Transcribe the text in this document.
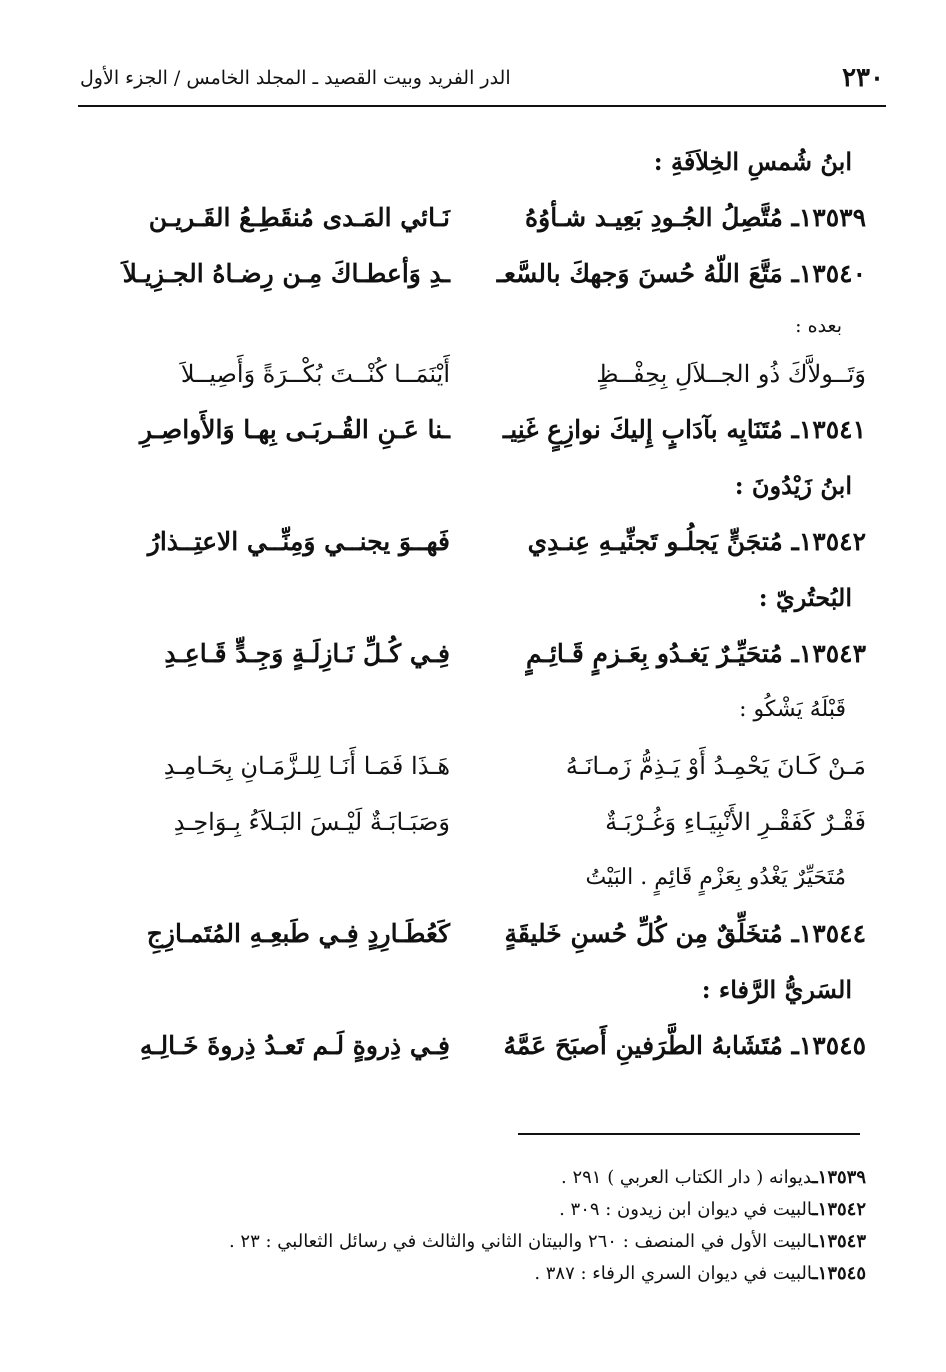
الدر الفريد وبيت القصيد ـ المجلد الخامس / الجزء الأول	٢٣٠
ابنُ شُمسِ الخِلاَفَةِ :
١٣٥٣٩ـ مُتَّصِلُ الجُـودِ بَعِيـد شـأوُهُ
نَـائي المَـدى مُنقَطِـعُ القَـريـن
١٣٥٤٠ـ مَتَّعَ اللّهُ حُسنَ وَجهكَ بالسَّعـ
ـدِ وَأعطـاكَ مِـن رِضـاهُ الجـزِيـلاَ
بعده :
وَتَــولاَّكَ ذُو الجــلاَلِ بِحِفْــظٍ
أَيْنَمَــا كُنْــتَ بُكْــرَةً وَأَصِيــلاَ
١٣٥٤١ـ مُتَنَايِه بآدَابٍ إِليكَ نوازِعٍ غَنِيـ
ـنا عَـنِ القُـربَـى بِهـا وَالأَواصِـرِ
ابنُ زَيْدُونَ :
١٣٥٤٢ـ مُتجَنٍّ يَجلُـو تَجنِّيـهِ عِنـدِي
فَهــوَ يجنــي وَمِنِّــي الاعتِــذارُ
البُحتُريّ :
١٣٥٤٣ـ مُتحَيِّـرٌ يَغـدُو بِعَـزمٍ قَـائِـمٍ
فِـي كُـلِّ نَـازِلَـةٍ وَجِـدٍّ قَـاعِـدِ
قَبْلَهُ يَشْكُو :
مَـنْ كَـانَ يَحْمِـدُ أَوْ يَـذِمُّ زَمـانَـهُ
هَـذَا فَمَـا أَنَـا لِلـزَّمَـانِ بِحَـامِـدِ
فَقْـرٌ كَفَقْـرِ الأَنْبِيَـاءِ وَغُـرْبَـةٌ
وَصَبَـابَـةٌ لَيْـسَ البَـلاَءُ بِـوَاحِـدِ
مُتَحَيِّرٌ يَغْدُو بِعَزْمٍ قَائِمٍ . البَيْتُ
١٣٥٤٤ـ مُتخَلِّقٌ مِن كُلِّ حُسنِ خَليقَةٍ
كَعُطَـارِدٍ فِـي طَبعِـهِ المُتَمـازِجِ
السَريُّ الرَّفاء :
١٣٥٤٥ـ مُتَشَابهُ الطَّرَفينِ أَصبَحَ عَمَّهُ
فِـي ذِروةٍ لَـم تَعـدُ ذِروةَ خَـالِـهِ
١٣٥٣٩ـديوانه ( دار الكتاب العربي ) ٢٩١ .
١٣٥٤٢ـالبيت في ديوان ابن زيدون : ٣٠٩ .
١٣٥٤٣ـالبيت الأول في المنصف : ٢٦٠ والبيتان الثاني والثالث في رسائل الثعالبي : ٢٣ .
١٣٥٤٥ـالبيت في ديوان السري الرفاء : ٣٨٧ .
